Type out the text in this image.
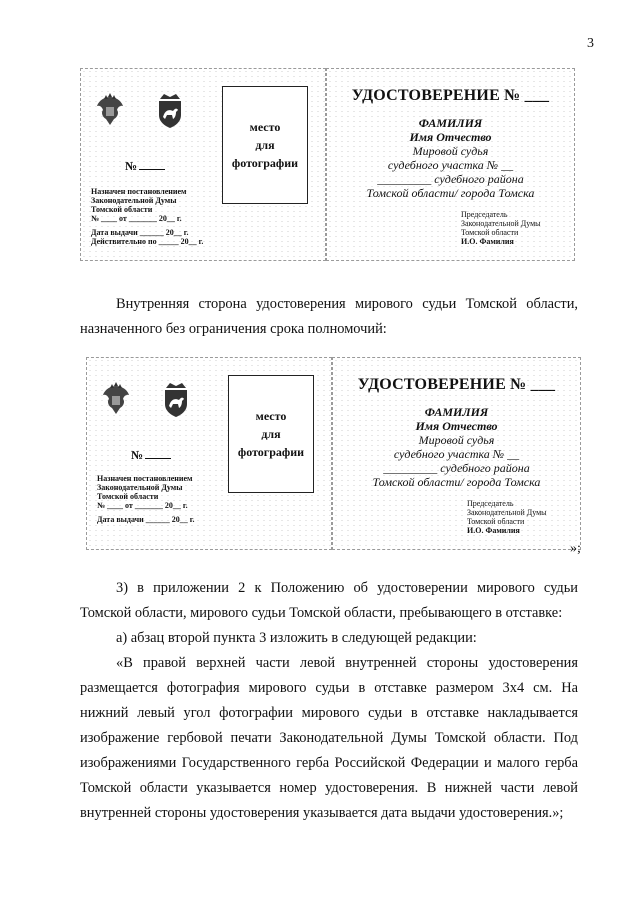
3
место
для
фотографии
№
Назначен постановлением
Законодательной Думы
Томской области
№ ____ от _______ 20__ г.
Дата выдачи ______ 20__ г.
Действительно по _____ 20__ г.
УДОСТОВЕРЕНИЕ № ___
ФАМИЛИЯ
Имя Отчество
Мировой судья
судебного участка № __
_________ судебного района
Томской области/ города Томска
Председатель
Законодательной Думы
Томской области
И.О. Фамилия

Внутренняя сторона удостоверения мирового судьи Томской области, назначенного без ограничения срока полномочий:

место
для
фотографии
№
Назначен постановлением
Законодательной Думы
Томской области
№ ____ от _______ 20__ г.
Дата выдачи ______ 20__ г.
УДОСТОВЕРЕНИЕ № ___
ФАМИЛИЯ
Имя Отчество
Мировой судья
судебного участка № __
_________ судебного района
Томской области/ города Томска
Председатель
Законодательной Думы
Томской области
И.О. Фамилия
»;

3) в приложении 2 к Положению об удостоверении мирового судьи Томской области, мирового судьи Томской области, пребывающего в отставке:

а) абзац второй пункта 3 изложить в следующей редакции:

«В правой верхней части левой внутренней стороны удостоверения размещается фотография мирового судьи в отставке размером 3х4 см. На нижний левый угол фотографии мирового судьи в отставке накладывается изображение гербовой печати Законодательной Думы Томской области. Под изображениями Государственного герба Российской Федерации и малого герба Томской области указывается номер удостоверения. В нижней части левой внутренней стороны удостоверения указывается дата выдачи удостоверения.»;
